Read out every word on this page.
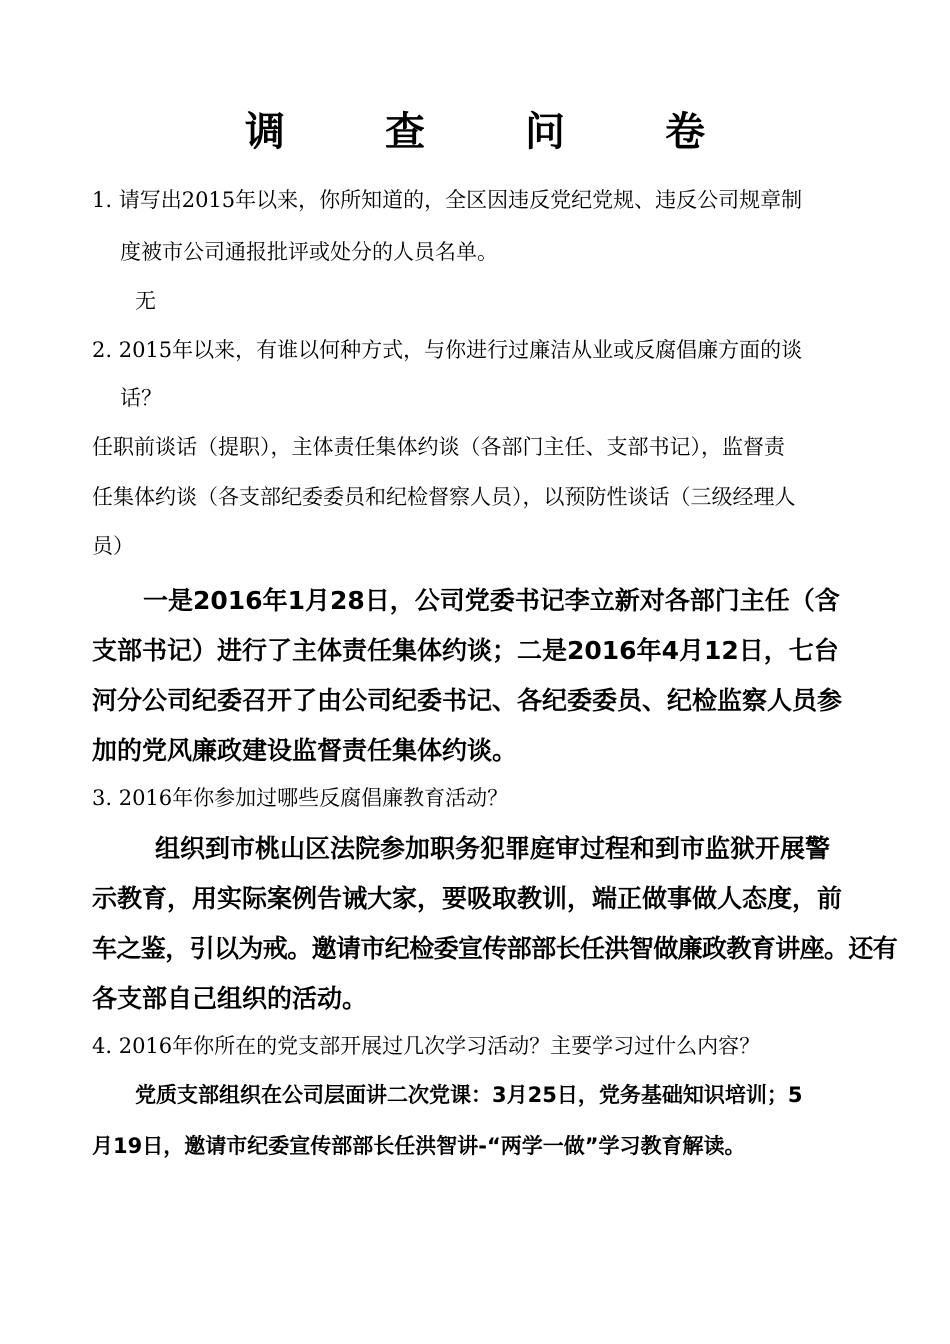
调　查　问　卷
1. 请写出2015年以来，你所知道的，全区因违反党纪党规、违反公司规章制
度被市公司通报批评或处分的人员名单。
无
2. 2015年以来，有谁以何种方式，与你进行过廉洁从业或反腐倡廉方面的谈
话？
任职前谈话（提职），主体责任集体约谈（各部门主任、支部书记），监督责
任集体约谈（各支部纪委委员和纪检督察人员），以预防性谈话（三级经理人
员）
一是2016年1月28日，公司党委书记李立新对各部门主任（含
支部书记）进行了主体责任集体约谈；二是2016年4月12日，七台
河分公司纪委召开了由公司纪委书记、各纪委委员、纪检监察人员参
加的党风廉政建设监督责任集体约谈。
3. 2016年你参加过哪些反腐倡廉教育活动？
组织到市桃山区法院参加职务犯罪庭审过程和到市监狱开展警
示教育，用实际案例告诫大家，要吸取教训，端正做事做人态度，前
车之鉴，引以为戒。邀请市纪检委宣传部部长任洪智做廉政教育讲座。还有
各支部自己组织的活动。
4. 2016年你所在的党支部开展过几次学习活动？主要学习过什么内容？
党质支部组织在公司层面讲二次党课：3月25日，党务基础知识培训；5
月19日，邀请市纪委宣传部部长任洪智讲-“两学一做”学习教育解读。
